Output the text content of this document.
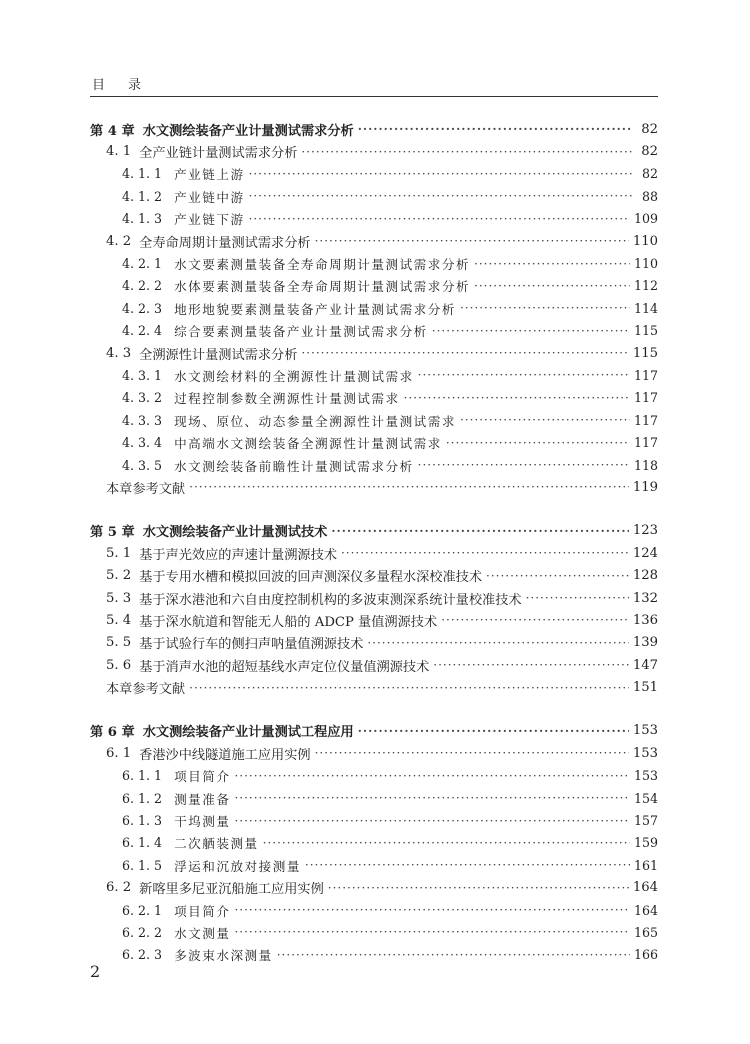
目 录
第 4 章 水文测绘装备产业计量测试需求分析 ·····	82
4. 1 全产业链计量测试需求分析 ·····	82
4. 1. 1 产业链上游 ·····	82
4. 1. 2 产业链中游 ·····	88
4. 1. 3 产业链下游 ·····	109
4. 2 全寿命周期计量测试需求分析 ·····	110
4. 2. 1 水文要素测量装备全寿命周期计量测试需求分析 ·····	110
4. 2. 2 水体要素测量装备全寿命周期计量测试需求分析 ·····	112
4. 2. 3 地形地貌要素测量装备产业计量测试需求分析 ·····	114
4. 2. 4 综合要素测量装备产业计量测试需求分析 ·····	115
4. 3 全溯源性计量测试需求分析 ·····	115
4. 3. 1 水文测绘材料的全溯源性计量测试需求 ·····	117
4. 3. 2 过程控制参数全溯源性计量测试需求 ·····	117
4. 3. 3 现场、原位、动态参量全溯源性计量测试需求 ·····	117
4. 3. 4 中高端水文测绘装备全溯源性计量测试需求 ·····	117
4. 3. 5 水文测绘装备前瞻性计量测试需求分析 ·····	118
本章参考文献 ·····	119
第 5 章 水文测绘装备产业计量测试技术 ·····	123
5. 1 基于声光效应的声速计量溯源技术 ·····	124
5. 2 基于专用水槽和模拟回波的回声测深仪多量程水深校准技术 ·····	128
5. 3 基于深水港池和六自由度控制机构的多波束测深系统计量校准技术 ·····	132
5. 4 基于深水航道和智能无人船的 ADCP 量值溯源技术 ·····	136
5. 5 基于试验行车的侧扫声呐量值溯源技术 ·····	139
5. 6 基于消声水池的超短基线水声定位仪量值溯源技术 ·····	147
本章参考文献 ·····	151
第 6 章 水文测绘装备产业计量测试工程应用 ·····	153
6. 1 香港沙中线隧道施工应用实例 ·····	153
6. 1. 1 项目简介 ·····	153
6. 1. 2 测量准备 ·····	154
6. 1. 3 干坞测量 ·····	157
6. 1. 4 二次舾装测量 ·····	159
6. 1. 5 浮运和沉放对接测量 ·····	161
6. 2 新喀里多尼亚沉船施工应用实例 ·····	164
6. 2. 1 项目简介 ·····	164
6. 2. 2 水文测量 ·····	165
6. 2. 3 多波束水深测量 ·····	166
2
